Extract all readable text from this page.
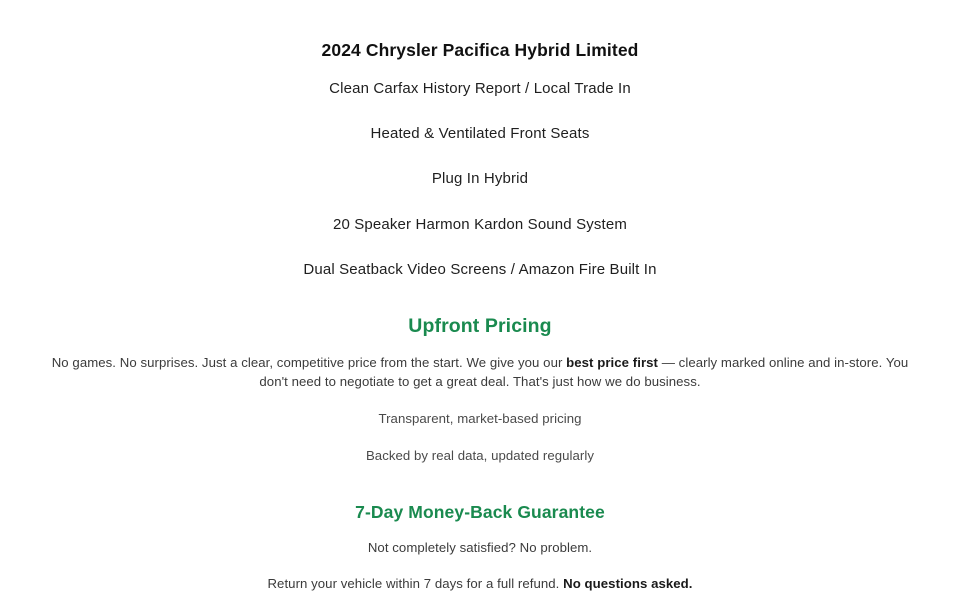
2024 Chrysler Pacifica Hybrid Limited
Clean Carfax History Report / Local Trade In
Heated & Ventilated Front Seats
Plug In Hybrid
20 Speaker Harmon Kardon Sound System
Dual Seatback Video Screens / Amazon Fire Built In
Upfront Pricing

No games. No surprises. Just a clear, competitive price from the start. We give you our best price first — clearly marked online and in-store. You don't need to negotiate to get a great deal. That's just how we do business.

Transparent, market-based pricing
Backed by real data, updated regularly
7-Day Money-Back Guarantee

Not completely satisfied? No problem.

Return your vehicle within 7 days for a full refund. No questions asked.
